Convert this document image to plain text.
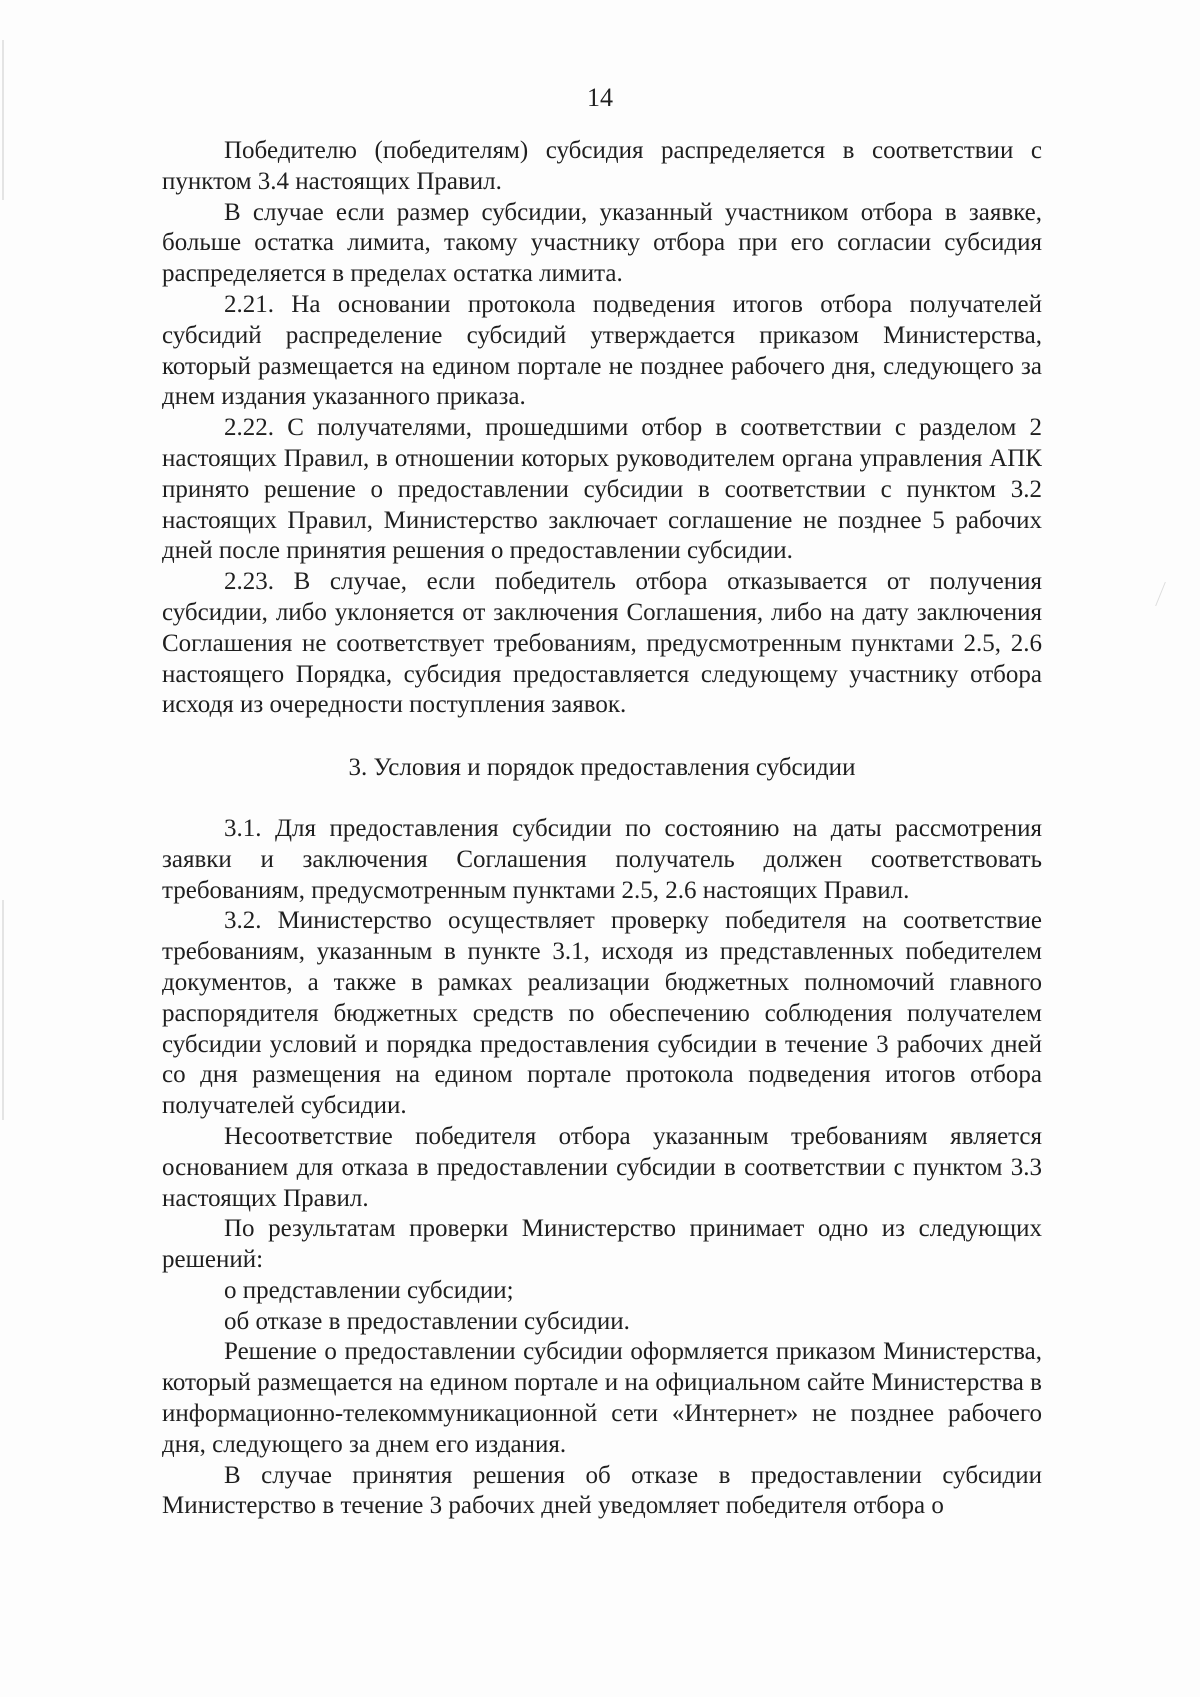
14

Победителю (победителям) субсидия распределяется в соответствии с пунктом 3.4 настоящих Правил.

В случае если размер субсидии, указанный участником отбора в заявке, больше остатка лимита, такому участнику отбора при его согласии субсидия распределяется в пределах остатка лимита.

2.21. На основании протокола подведения итогов отбора получателей субсидий распределение субсидий утверждается приказом Министерства, который размещается на едином портале не позднее рабочего дня, следующего за днем издания указанного приказа.

2.22. С получателями, прошедшими отбор в соответствии с разделом 2 настоящих Правил, в отношении которых руководителем органа управления АПК принято решение о предоставлении субсидии в соответствии с пунктом 3.2 настоящих Правил, Министерство заключает соглашение не позднее 5 рабочих дней после принятия решения о предоставлении субсидии.

2.23. В случае, если победитель отбора отказывается от получения субсидии, либо уклоняется от заключения Соглашения, либо на дату заключения Соглашения не соответствует требованиям, предусмотренным пунктами 2.5, 2.6 настоящего Порядка, субсидия предоставляется следующему участнику отбора исходя из очередности поступления заявок.

3. Условия и порядок предоставления субсидии

3.1. Для предоставления субсидии по состоянию на даты рассмотрения заявки и заключения Соглашения получатель должен соответствовать требованиям, предусмотренным пунктами 2.5, 2.6 настоящих Правил.

3.2. Министерство осуществляет проверку победителя на соответствие требованиям, указанным в пункте 3.1, исходя из представленных победителем документов, а также в рамках реализации бюджетных полномочий главного распорядителя бюджетных средств по обеспечению соблюдения получателем субсидии условий и порядка предоставления субсидии в течение 3 рабочих дней со дня размещения на едином портале протокола подведения итогов отбора получателей субсидии.

Несоответствие победителя отбора указанным требованиям является основанием для отказа в предоставлении субсидии в соответствии с пунктом 3.3 настоящих Правил.

По результатам проверки Министерство принимает одно из следующих решений:

о представлении субсидии;

об отказе в предоставлении субсидии.

Решение о предоставлении субсидии оформляется приказом Министерства, который размещается на едином портале и на официальном сайте Министерства в информационно-телекоммуникационной сети «Интернет» не позднее рабочего дня, следующего за днем его издания.

В случае принятия решения об отказе в предоставлении субсидии Министерство в течение 3 рабочих дней уведомляет победителя отбора о
